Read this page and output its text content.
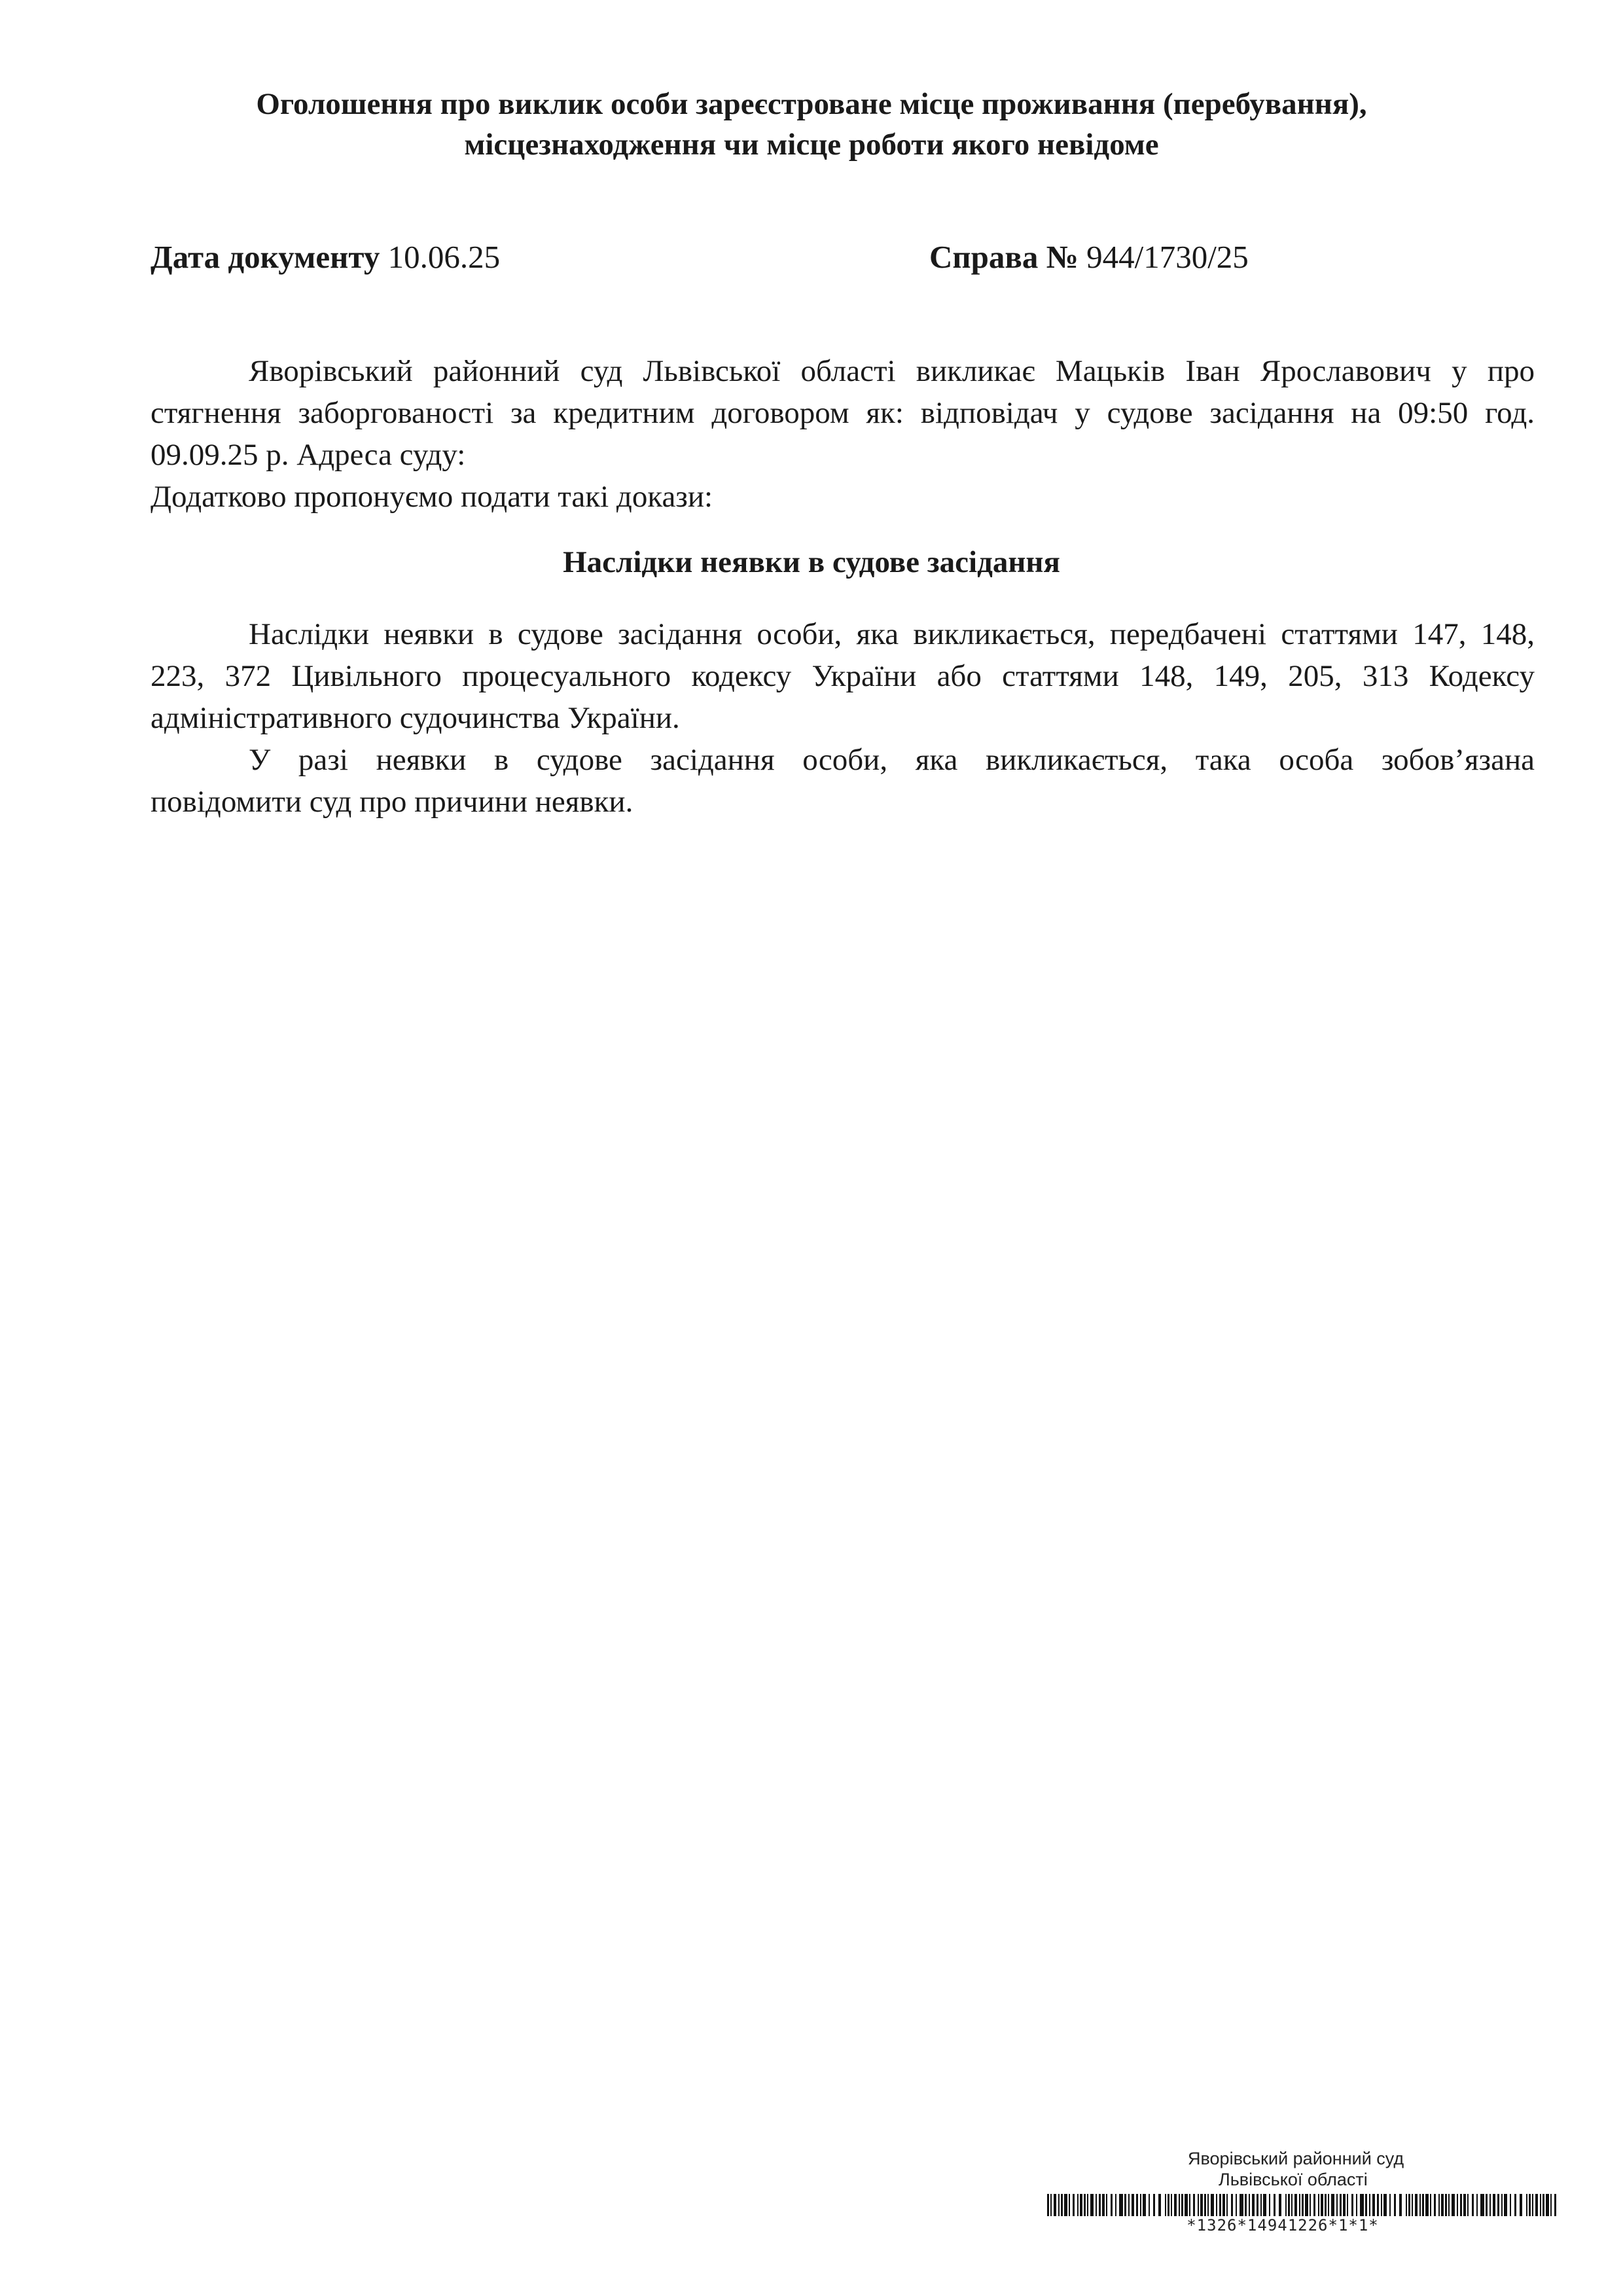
Оголошення про виклик особи зареєстроване місце проживання (перебування),
місцезнаходження чи місце роботи якого невідоме
Дата документу 10.06.25	Справа № 944/1730/25
Яворівський районний суд Львівської області викликає Мацьків Іван Ярославович у про
стягнення заборгованості за кредитним договором як: відповідач у судове засідання на 09:50 год.
09.09.25 р. Адреса суду:
Додатково пропонуємо подати такі докази:
Наслідки неявки в судове засідання
Наслідки неявки в судове засідання особи, яка викликається, передбачені статтями 147, 148,
223, 372 Цивільного процесуального кодексу України або статтями 148, 149, 205, 313 Кодексу
адміністративного судочинства України.
У разі неявки в судове засідання особи, яка викликається, така особа зобов’язана
повідомити суд про причини неявки.
Яворівський районний суд
Львівської області
*1326*14941226*1*1*
